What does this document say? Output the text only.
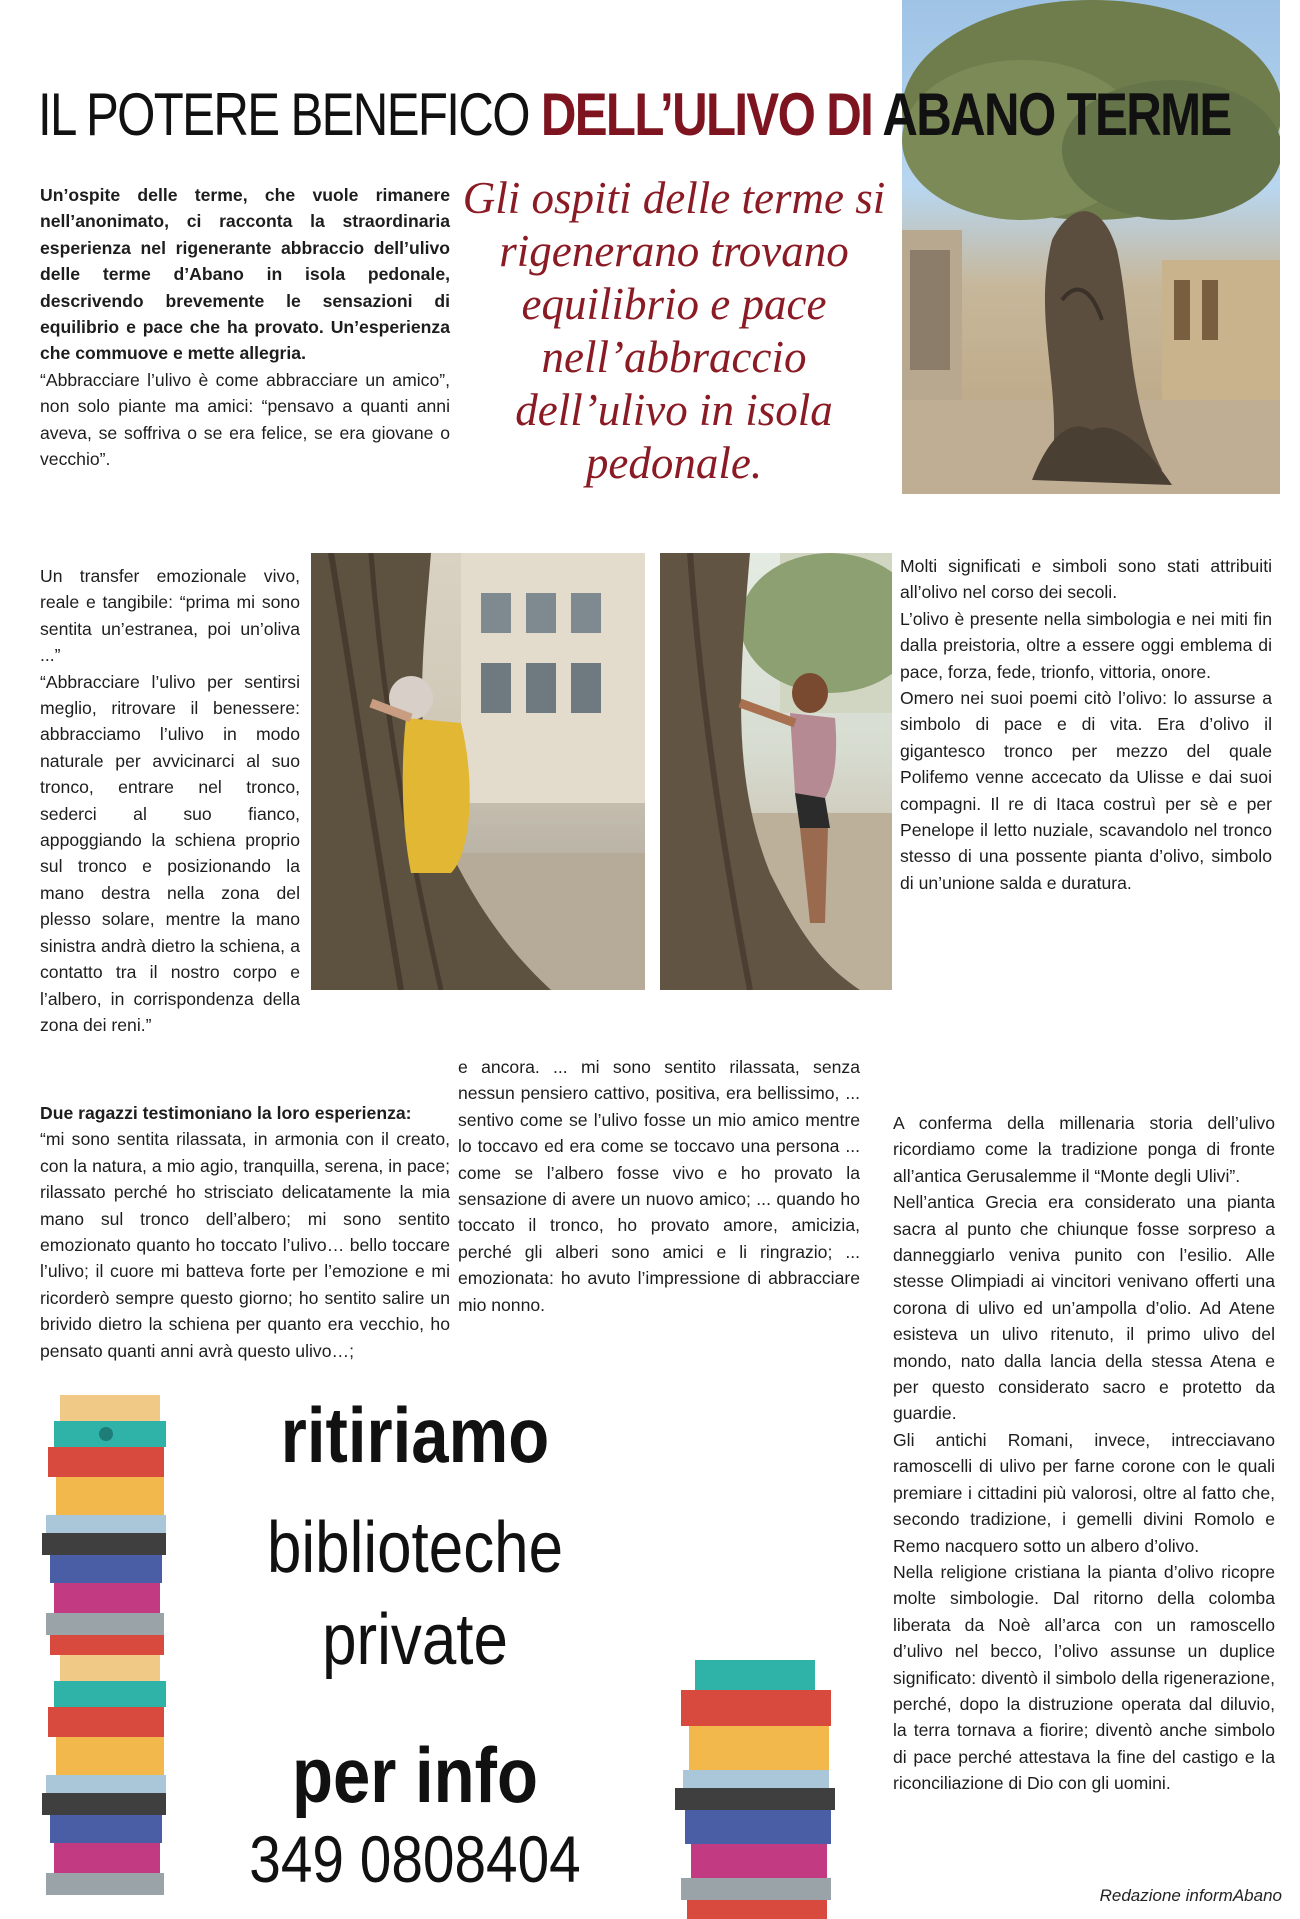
IL POTERE BENEFICO DELL’ULIVO DI ABANO TERME

Un’ospite delle terme, che vuole rimanere nell’anonimato, ci racconta la straordinaria esperienza nel rigenerante abbraccio dell’ulivo delle terme d’Abano in isola pedonale, descrivendo brevemente le sensazioni di equilibrio e pace che ha provato. Un’esperienza che commuove e mette allegria.

“Abbracciare l’ulivo è come abbracciare un amico”, non solo piante ma amici: “pensavo a quanti anni aveva, se soffriva o se era felice, se era giovane o vecchio”.

Gli ospiti delle terme si rigenerano trovano equilibrio e pace nell’abbraccio dell’ulivo in isola pedonale.

Un transfer emozionale vivo, reale e tangibile: “prima mi sono sentita un’estranea, poi un’oliva ...”

“Abbracciare l’ulivo per sentirsi meglio, ritrovare il benessere: abbracciamo l’ulivo in modo naturale per avvicinarci al suo tronco, entrare nel tronco, sederci al suo fianco, appoggiando la schiena proprio sul tronco e posizionando la mano destra nella zona del plesso solare, mentre la mano sinistra andrà dietro la schiena, a contatto tra il nostro corpo e l’albero, in corrispondenza della zona dei reni.”

Due ragazzi testimoniano la loro esperienza:

“mi sono sentita rilassata, in armonia con il creato, con la natura, a mio agio, tranquilla, serena, in pace; rilassato perché ho strisciato delicatamente la mia mano sul tronco dell’albero; mi sono sentito emozionato quanto ho toccato l’ulivo… bello toccare l’ulivo; il cuore mi batteva forte per l’emozione e mi ricorderò sempre questo giorno; ho sentito salire un brivido dietro la schiena per quanto era vecchio, ho pensato quanti anni avrà questo ulivo…;

e ancora. ... mi sono sentito rilassata, senza nessun pensiero cattivo, positiva, era bellissimo, ... sentivo come se l’ulivo fosse un mio amico mentre lo toccavo ed era come se toccavo una persona ... come se l’albero fosse vivo e ho provato la sensazione di avere un nuovo amico; ... quando ho toccato il tronco, ho provato amore, amicizia, perché gli alberi sono amici e li ringrazio; ... emozionata: ho avuto l’impressione di abbracciare mio nonno.

Molti significati e simboli sono stati attribuiti all’olivo nel corso dei secoli.

L’olivo è presente nella simbologia e nei miti fin dalla preistoria, oltre a essere oggi emblema di pace, forza, fede, trionfo, vittoria, onore.

Omero nei suoi poemi citò l’olivo: lo assurse a simbolo di pace e di vita. Era d’olivo il gigantesco tronco per mezzo del quale Polifemo venne accecato da Ulisse e dai suoi compagni. Il re di Itaca costruì per sè e per Penelope il letto nuziale, scavandolo nel tronco stesso di una possente pianta d’olivo, simbolo di un’unione salda e duratura.

A conferma della millenaria storia dell’ulivo ricordiamo come la tradizione ponga di fronte all’antica Gerusalemme il “Monte degli Ulivi”.

Nell’antica Grecia era considerato una pianta sacra al punto che chiunque fosse sorpreso a danneggiarlo veniva punito con l’esilio. Alle stesse Olimpiadi ai vincitori venivano offerti una corona di ulivo ed un’ampolla d’olio. Ad Atene esisteva un ulivo ritenuto, il primo ulivo del mondo, nato dalla lancia della stessa Atena e per questo considerato sacro e protetto da guardie.

Gli antichi Romani, invece, intrecciavano ramoscelli di ulivo per farne corone con le quali premiare i cittadini più valorosi, oltre al fatto che, secondo tradizione, i gemelli divini Romolo e Remo nacquero sotto un albero d’olivo.

Nella religione cristiana la pianta d’olivo ricopre molte simbologie. Dal ritorno della colomba liberata da Noè all’arca con un ramoscello d’ulivo nel becco, l’olivo assunse un duplice significato: diventò il simbolo della rigenerazione, perché, dopo la distruzione operata dal diluvio, la terra tornava a fiorire; diventò anche simbolo di pace perché attestava la fine del castigo e la riconciliazione di Dio con gli uomini.

ritiriamo
biblioteche
private
per info
349 0808404	Redazione informAbano
